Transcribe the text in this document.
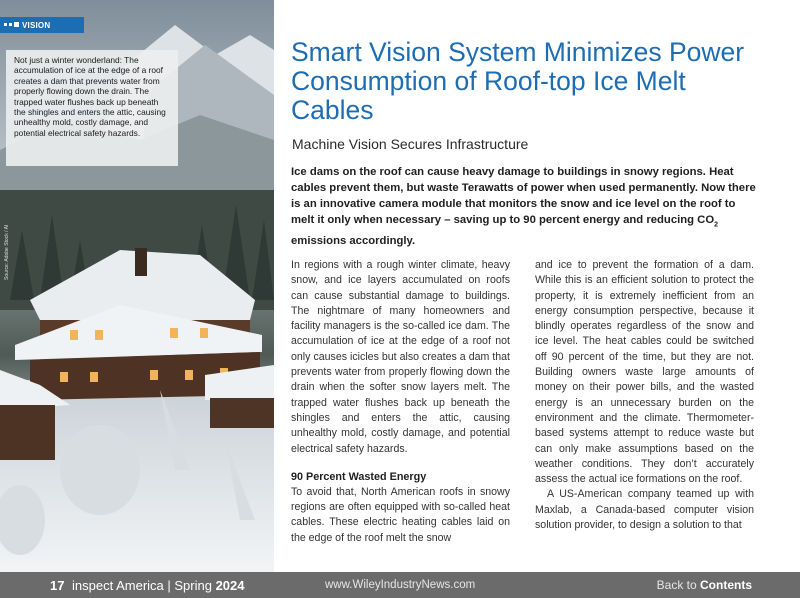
VISION
Not just a winter wonderland: The accumulation of ice at the edge of a roof creates a dam that prevents water from properly flowing down the drain. The trapped water flushes back up beneath the shingles and enters the attic, causing unhealthy mold, costly damage, and potential electrical safety hazards.
Source: Adobe Stock / AI
Smart Vision System Minimizes Power Consumption of Roof-top Ice Melt Cables
Machine Vision Secures Infrastructure
Ice dams on the roof can cause heavy damage to buildings in snowy regions. Heat cables prevent them, but waste Terawatts of power when used permanently. Now there is an innovative camera module that monitors the snow and ice level on the roof to melt it only when necessary – saving up to 90 percent energy and reducing $CO_2$ emissions accordingly.

In regions with a rough winter climate, heavy snow, and ice layers accumulated on roofs can cause substantial damage to buildings. The nightmare of many homeowners and facility managers is the so-called ice dam. The accumulation of ice at the edge of a roof not only causes icicles but also creates a dam that prevents water from properly flowing down the drain when the softer snow layers melt. The trapped water flushes back up beneath the shingles and enters the attic, causing unhealthy mold, costly damage, and potential electrical safety hazards.

90 Percent Wasted Energy

To avoid that, North American roofs in snowy regions are often equipped with so-called heat cables. These electric heating cables laid on the edge of the roof melt the snow

and ice to prevent the formation of a dam. While this is an efficient solution to protect the property, it is extremely inefficient from an energy consumption perspective, because it blindly operates regardless of the snow and ice level. The heat cables could be switched off 90 percent of the time, but they are not. Building owners waste large amounts of money on their power bills, and the wasted energy is an unnecessary burden on the environment and the climate. Thermometer-based systems attempt to reduce waste but can only make assumptions based on the weather conditions. They don’t accurately assess the actual ice formations on the roof.

A US-American company teamed up with Maxlab, a Canada-based computer vision solution provider, to design a solution to that

17 inspect America | Spring 2024	www.WileyIndustryNews.com	Back to Contents
